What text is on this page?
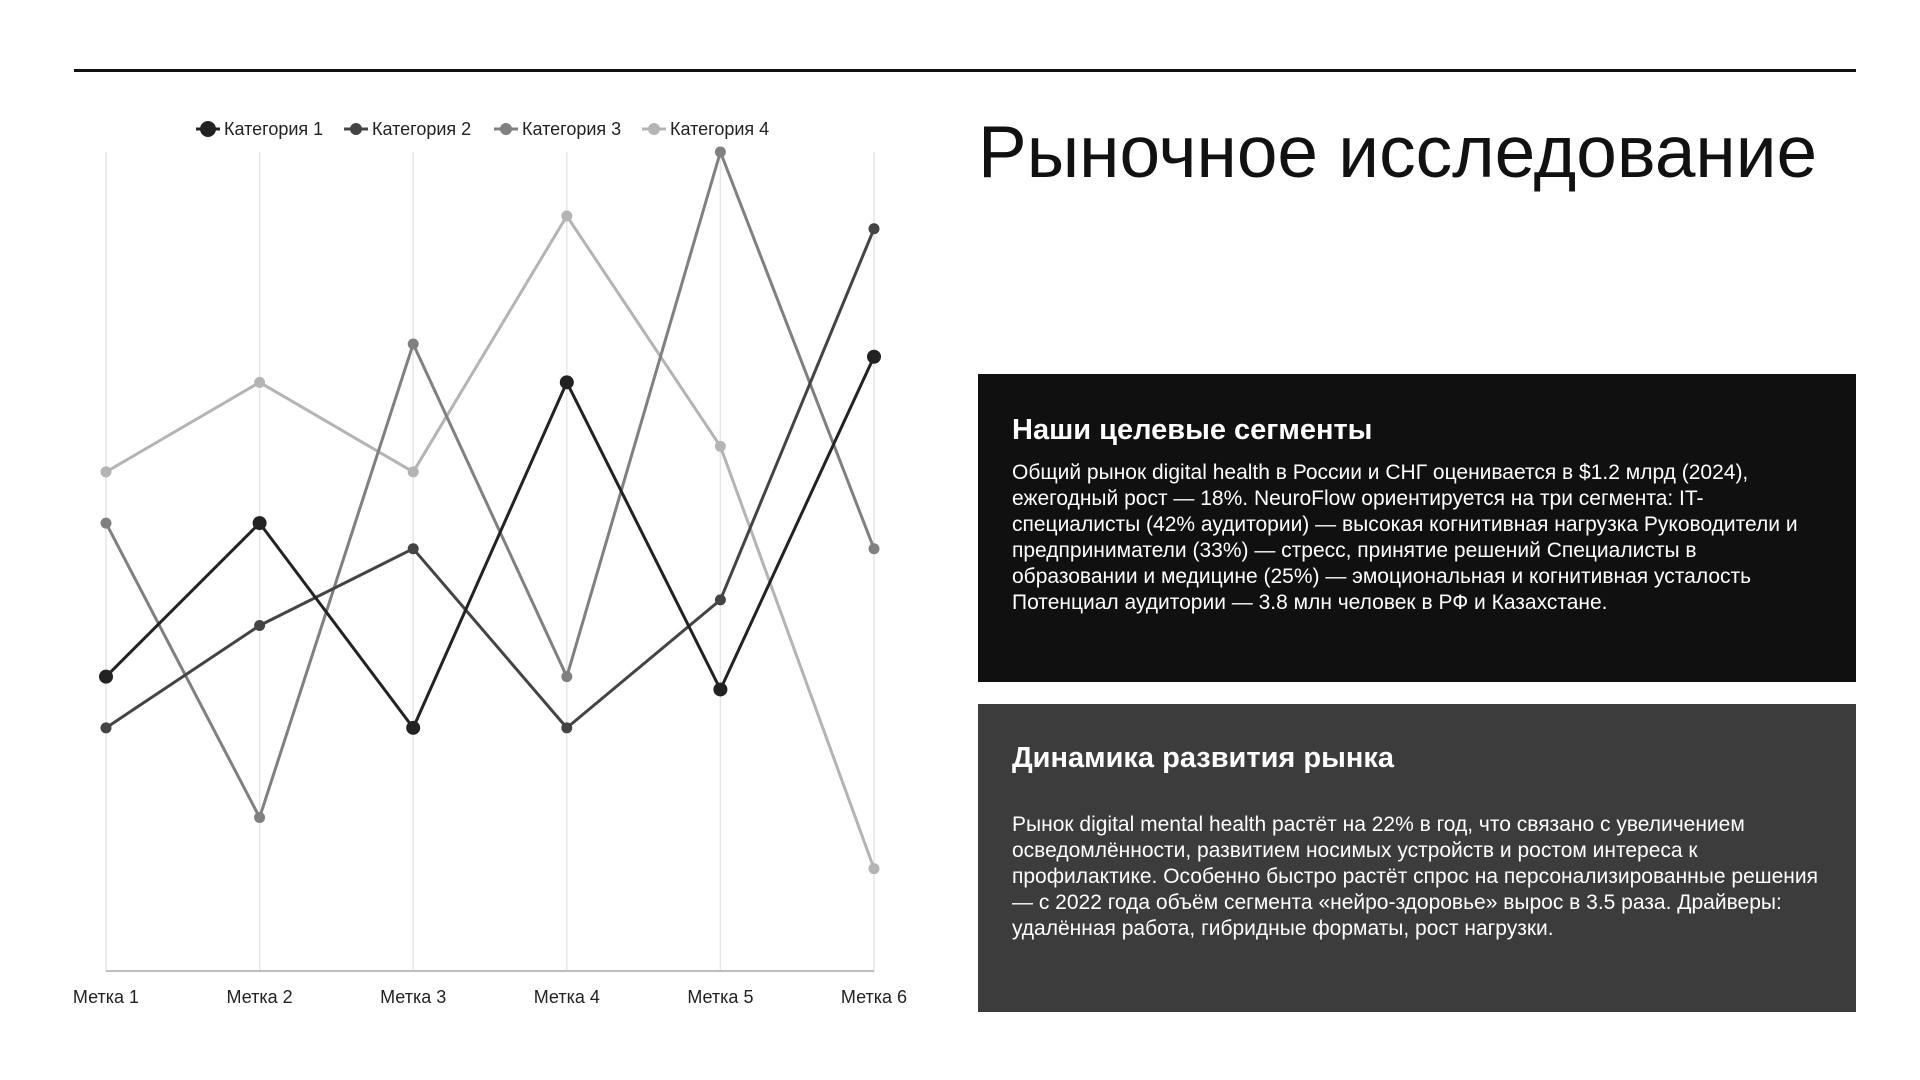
Метка 1	Метка 2	Метка 3	Метка 4	Метка 5	Метка 6
Категория 1	Категория 2	Категория 3	Категория 4	Рыночное исследование
Наши целевые сегменты

Общий рынок digital health в России и СНГ оценивается в $1.2 млрд (2024), ежегодный рост — 18%. NeuroFlow ориентируется на три сегмента: IT-специалисты (42% аудитории) — высокая когнитивная нагрузка Руководители и предприниматели (33%) — стресс, принятие решений Специалисты в образовании и медицине (25%) — эмоциональная и когнитивная усталость
Потенциал аудитории — 3.8 млн человек в РФ и Казахстане.

Динамика развития рынка

Рынок digital mental health растёт на 22% в год, что связано с увеличением осведомлённости, развитием носимых устройств и ростом интереса к профилактике. Особенно быстро растёт спрос на персонализированные решения — с 2022 года объём сегмента «нейро-здоровье» вырос в 3.5 раза. Драйверы: удалённая работа, гибридные форматы, рост нагрузки.
